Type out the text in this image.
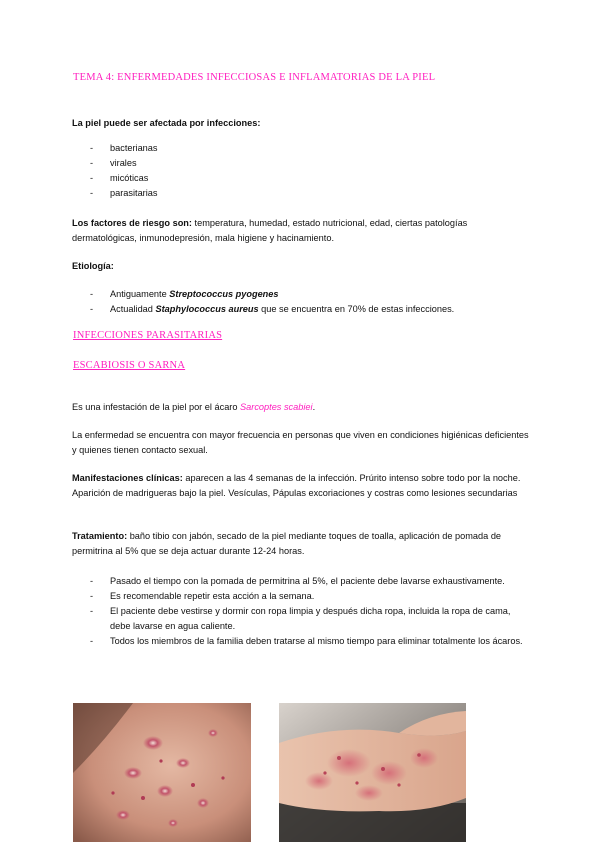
TEMA 4: ENFERMEDADES INFECCIOSAS E INFLAMATORIAS DE LA PIEL
La piel puede ser afectada por infecciones:
- bacterianas
- virales
- micóticas
- parasitarias
Los factores de riesgo son: temperatura, humedad, estado nutricional, edad, ciertas patologías dermatológicas, inmunodepresión, mala higiene y hacinamiento.
Etiología:
- Antiguamente Streptococcus pyogenes
- Actualidad Staphylococcus aureus que se encuentra en 70% de estas infecciones.
INFECCIONES PARASITARIAS
ESCABIOSIS O SARNA
Es una infestación de la piel por el ácaro Sarcoptes scabiei.
La enfermedad se encuentra con mayor frecuencia en personas que viven en condiciones higiénicas deficientes y quienes tienen contacto sexual.
Manifestaciones clínicas: aparecen a las 4 semanas de la infección. Prúrito intenso sobre todo por la noche. Aparición de madrigueras bajo la piel. Vesículas, Pápulas excoriaciones y costras como lesiones secundarias
Tratamiento: baño tibio con jabón, secado de la piel mediante toques de toalla, aplicación de pomada de permitrina al 5% que se deja actuar durante 12-24 horas.
- Pasado el tiempo con la pomada de permitrina al 5%, el paciente debe lavarse exhaustivamente.
- Es recomendable repetir esta acción a la semana.
- El paciente debe vestirse y dormir con ropa limpia y después dicha ropa, incluida la ropa de cama, debe lavarse en agua caliente.
- Todos los miembros de la familia deben tratarse al mismo tiempo para eliminar totalmente los ácaros.
